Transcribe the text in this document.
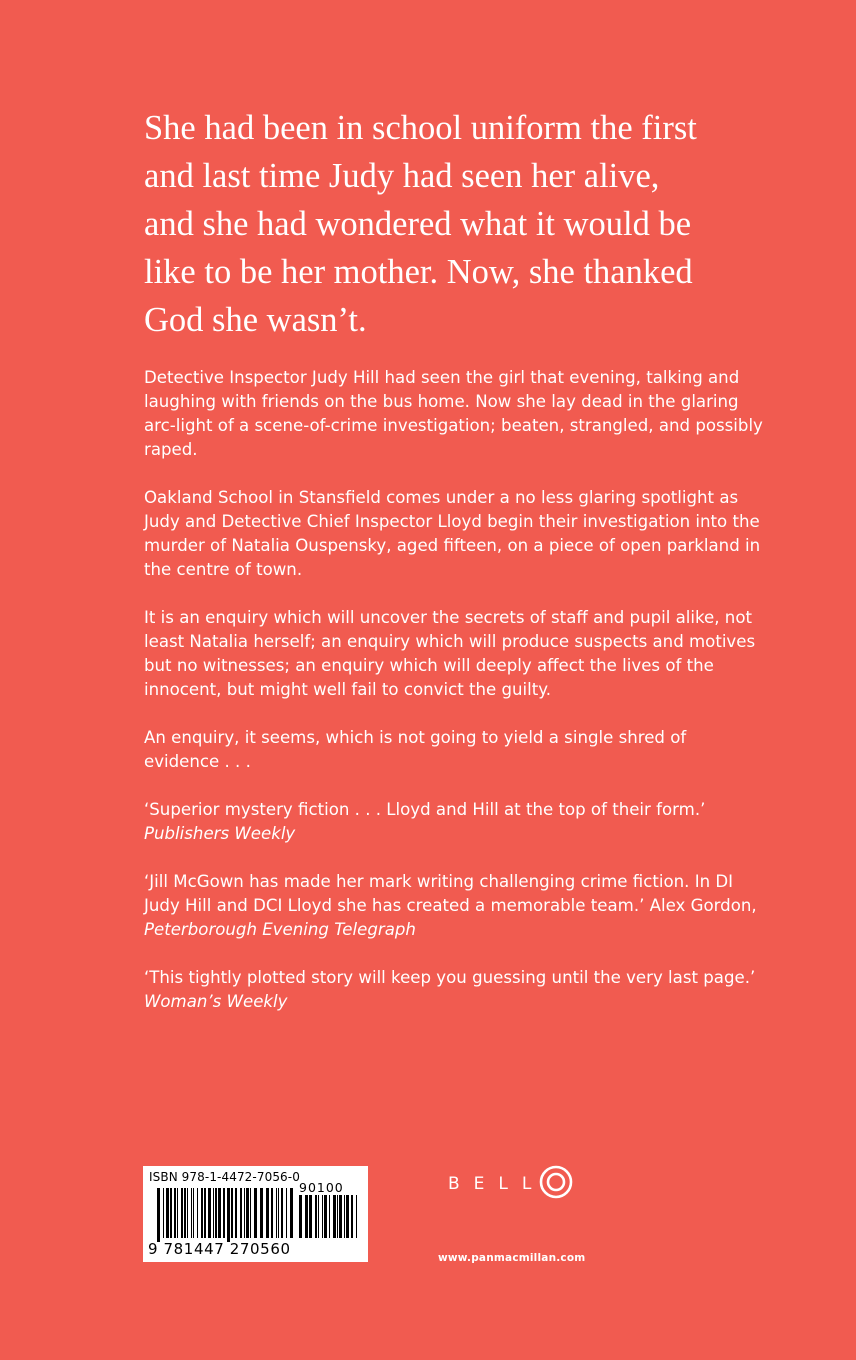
She had been in school uniform the first
and last time Judy had seen her alive,
and she had wondered what it would be
like to be her mother. Now, she thanked
God she wasn’t.

Detective Inspector Judy Hill had seen the girl that evening, talking and laughing with friends on the bus home. Now she lay dead in the glaring arc-light of a scene-of-crime investigation; beaten, strangled, and possibly raped.

Oakland School in Stansfield comes under a no less glaring spotlight as Judy and Detective Chief Inspector Lloyd begin their investigation into the murder of Natalia Ouspensky, aged fifteen, on a piece of open parkland in the centre of town.

It is an enquiry which will uncover the secrets of staff and pupil alike, not least Natalia herself; an enquiry which will produce suspects and motives but no witnesses; an enquiry which will deeply affect the lives of the innocent, but might well fail to convict the guilty.

An enquiry, it seems, which is not going to yield a single shred of evidence . . .

‘Superior mystery fiction . . . Lloyd and Hill at the top of their form.’ Publishers Weekly

‘Jill McGown has made her mark writing challenging crime fiction. In DI Judy Hill and DCI Lloyd she has created a memorable team.’ Alex Gordon, Peterborough Evening Telegraph

‘This tightly plotted story will keep you guessing until the very last page.’ Woman’s Weekly

ISBN 978-1-4472-7056-0
90100
9 781447 270560
BELL
www.panmacmillan.com
